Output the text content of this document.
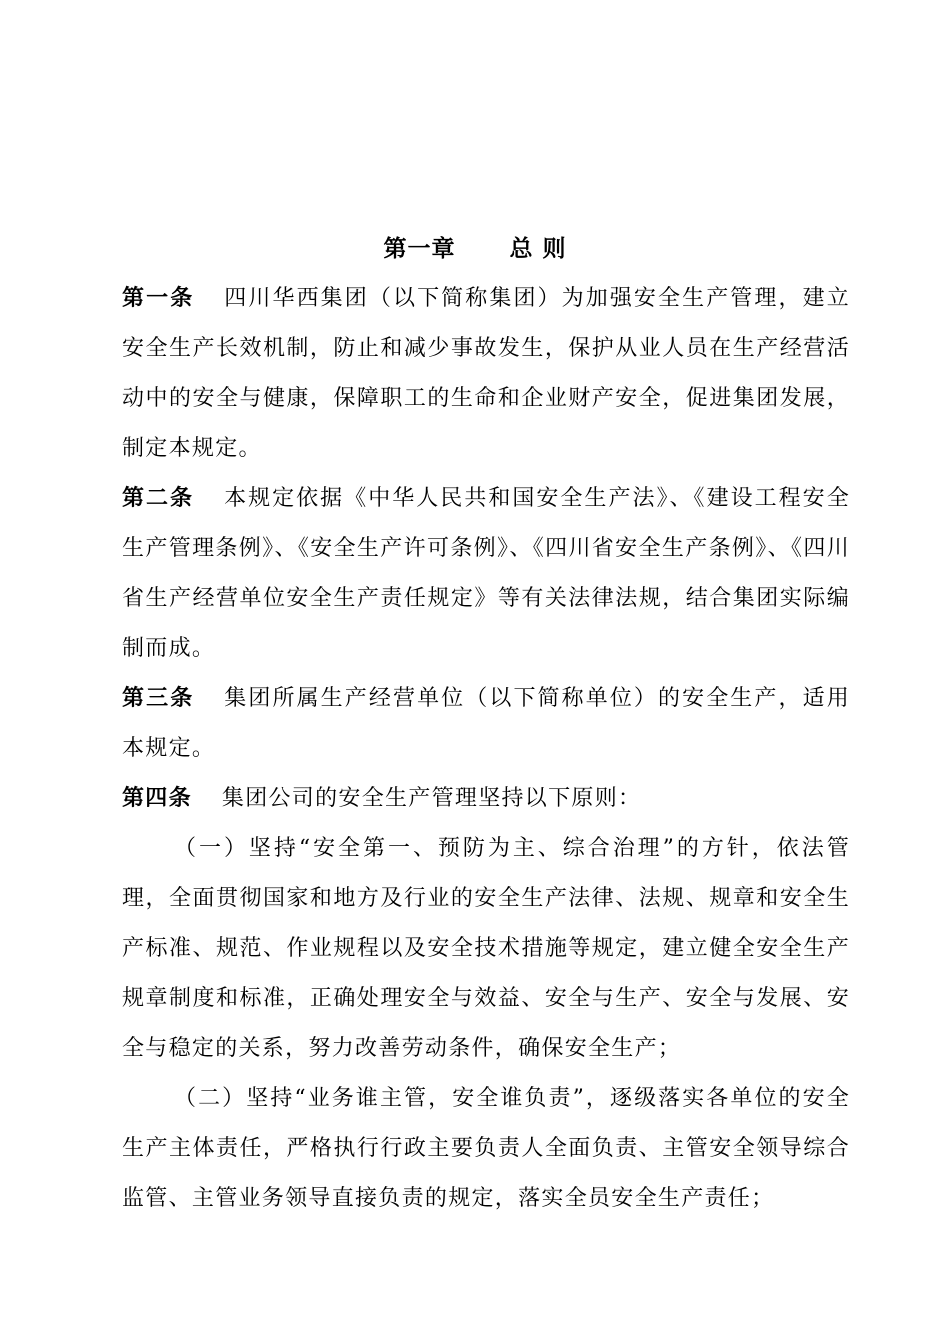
第一章      总 则

第一条 四川华西集团（以下简称集团）为加强安全生产管理，建立安全生产长效机制，防止和减少事故发生，保护从业人员在生产经营活动中的安全与健康，保障职工的生命和企业财产安全，促进集团发展，制定本规定。

第二条 本规定依据《中华人民共和国安全生产法》、《建设工程安全生产管理条例》、《安全生产许可条例》、《四川省安全生产条例》、《四川省生产经营单位安全生产责任规定》等有关法律法规，结合集团实际编制而成。

第三条 集团所属生产经营单位（以下简称单位）的安全生产，适用本规定。

第四条 集团公司的安全生产管理坚持以下原则：

（一）坚持“安全第一、预防为主、综合治理”的方针，依法管理，全面贯彻国家和地方及行业的安全生产法律、法规、规章和安全生产标准、规范、作业规程以及安全技术措施等规定，建立健全安全生产规章制度和标准，正确处理安全与效益、安全与生产、安全与发展、安全与稳定的关系，努力改善劳动条件，确保安全生产；

（二）坚持“业务谁主管，安全谁负责”，逐级落实各单位的安全生产主体责任，严格执行行政主要负责人全面负责、主管安全领导综合监管、主管业务领导直接负责的规定，落实全员安全生产责任；
